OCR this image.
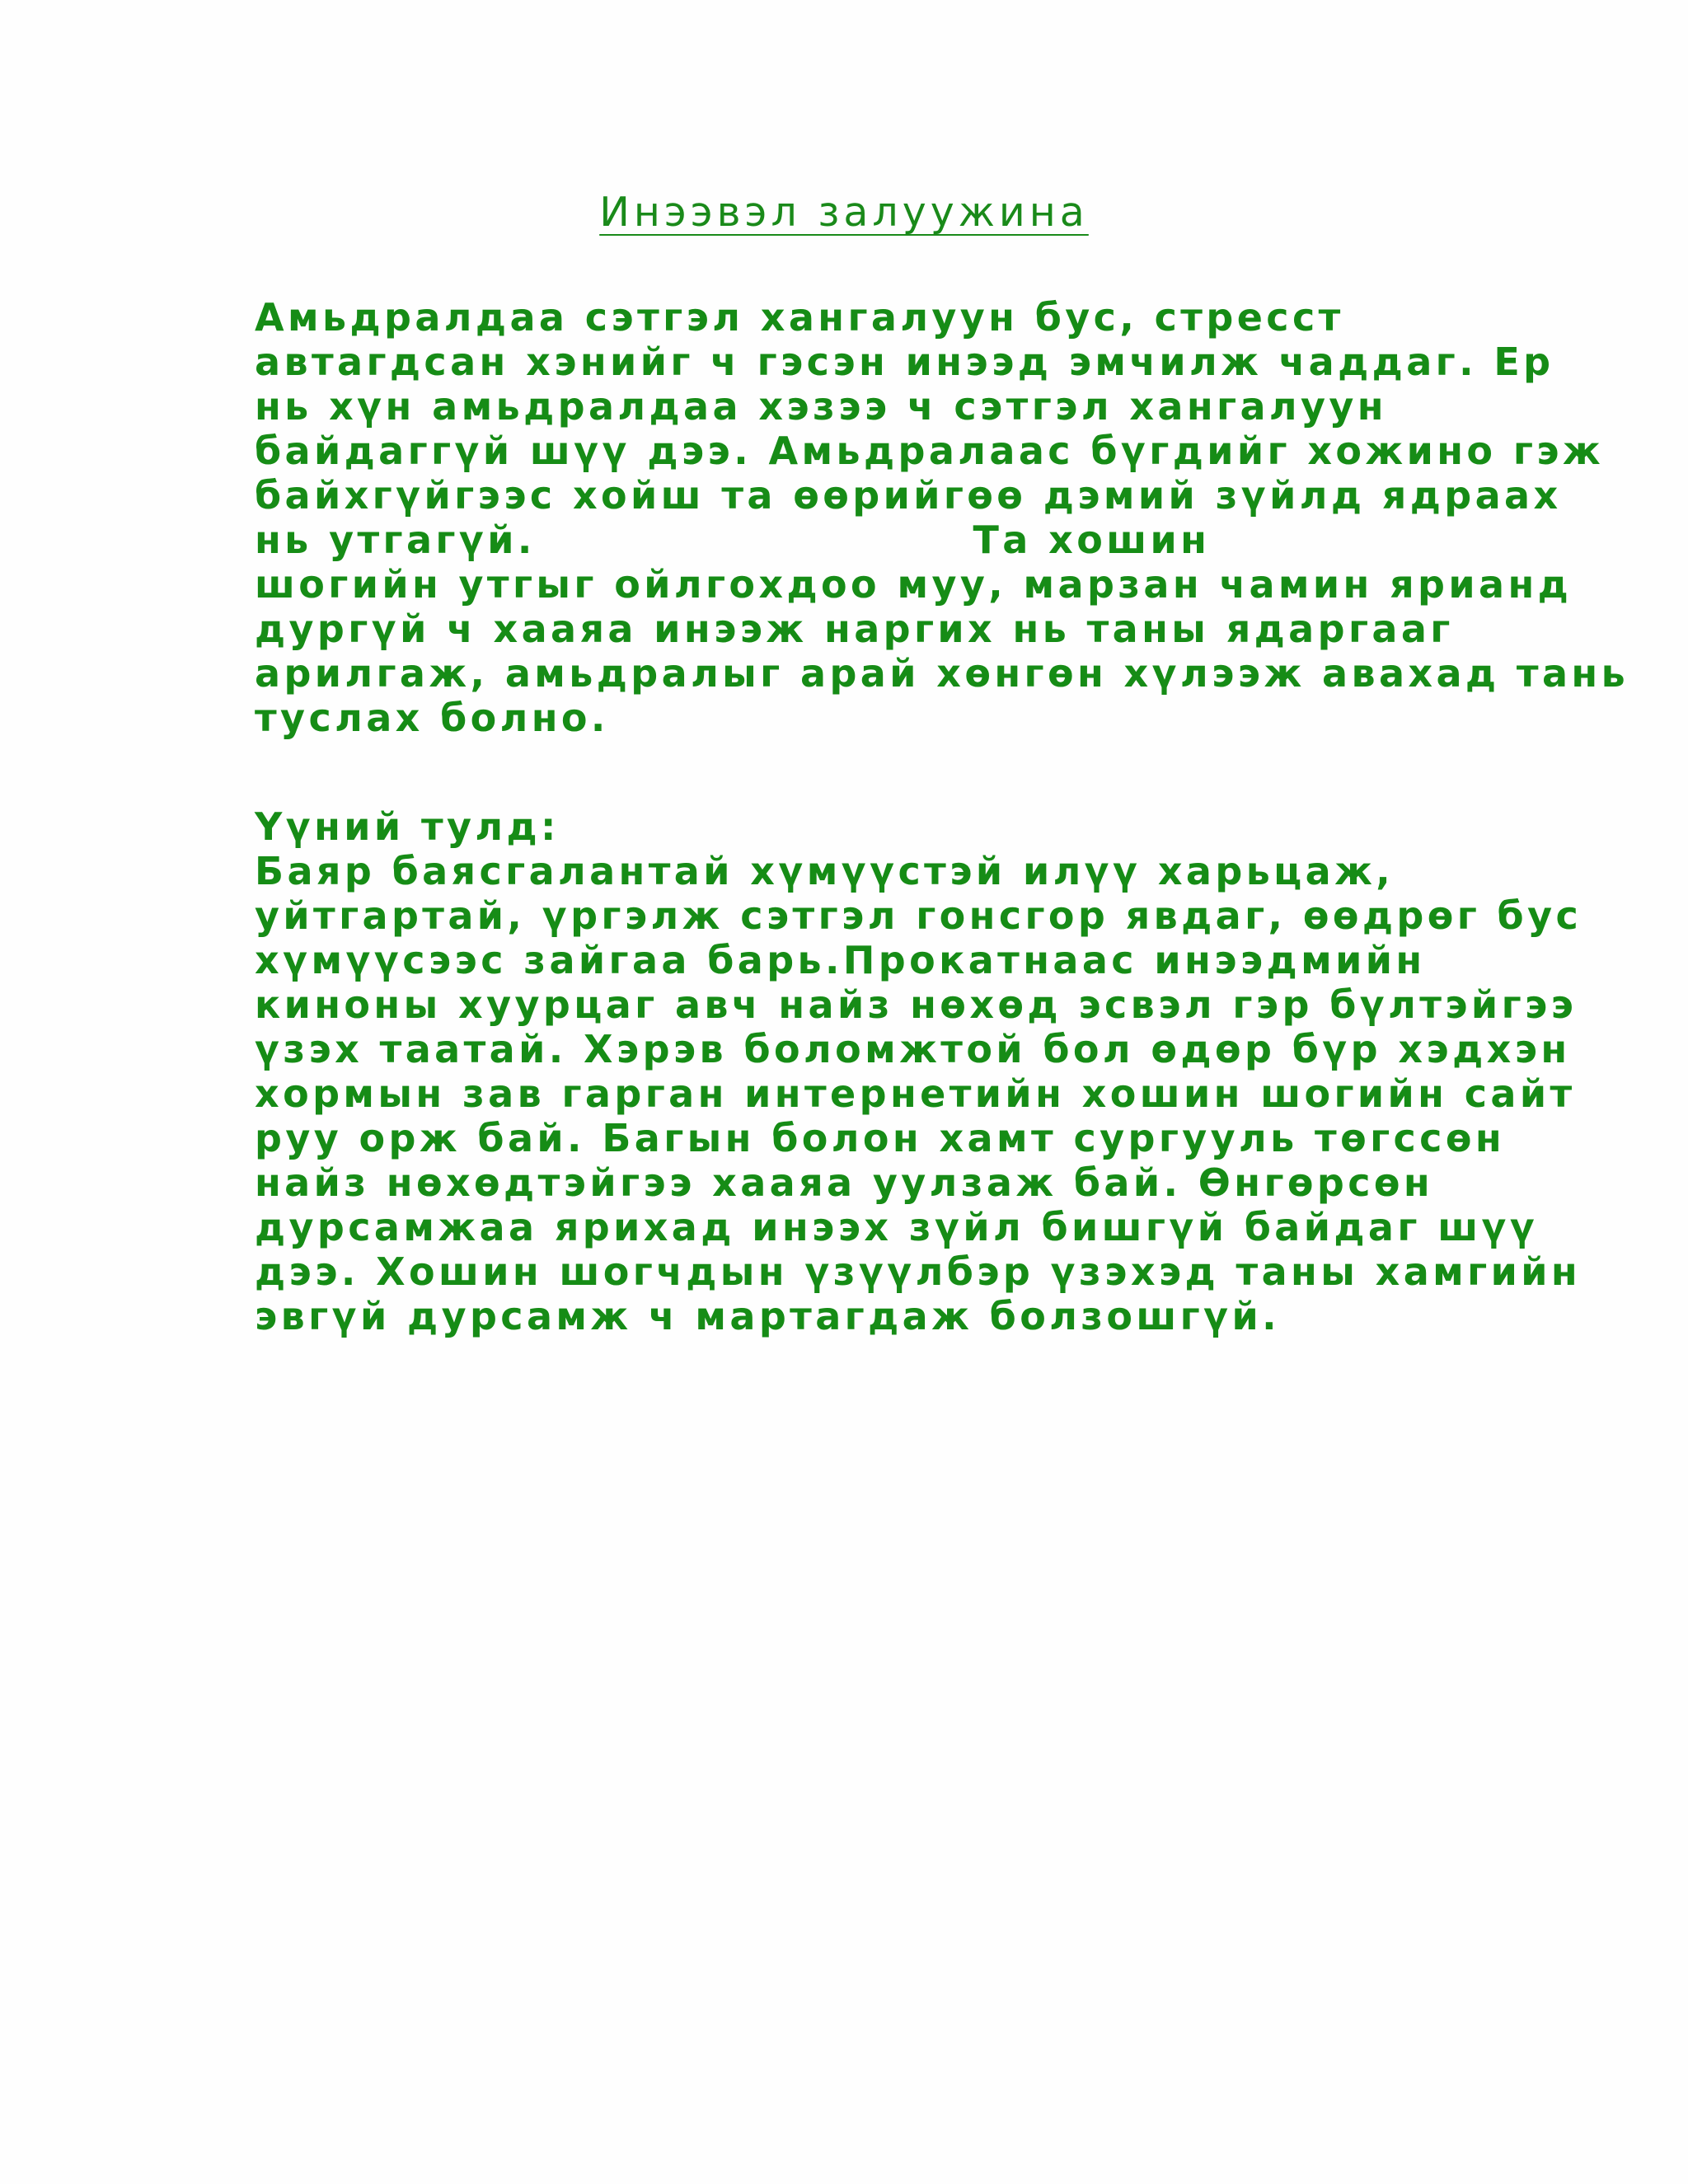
Инээвэл залуужина
Амьдралдаа сэтгэл хангалуун бус, стресст
автагдсан хэнийг ч гэсэн инээд эмчилж чаддаг. Ер
нь хүн амьдралдаа хэзээ ч сэтгэл хангалуун
байдаггүй шүү дээ. Амьдралаас бүгдийг хожино гэж
байхгүйгээс хойш та өөрийгөө дэмий зүйлд ядраах
нь утгагүй.                          Та хошин
шогийн утгыг ойлгохдоо муу, марзан чамин ярианд
дургүй ч хааяа инээж наргих нь таны ядаргааг
арилгаж, амьдралыг арай хөнгөн хүлээж авахад тань
туслах болно.
Үүний тулд:
Баяр баясгалантай хүмүүстэй илүү харьцаж,
уйтгартай, үргэлж сэтгэл гонсгор явдаг, өөдрөг бус
хүмүүсээс зайгаа барь.Прокатнаас инээдмийн
киноны хуурцаг авч найз нөхөд эсвэл гэр бүлтэйгээ
үзэх таатай. Хэрэв боломжтой бол өдөр бүр хэдхэн
хормын зав гарган интернетийн хошин шогийн сайт
руу орж бай. Багын болон хамт сургууль төгссөн
найз нөхөдтэйгээ хааяа уулзаж бай. Өнгөрсөн
дурсамжаа ярихад инээх зүйл бишгүй байдаг шүү
дээ. Хошин шогчдын үзүүлбэр үзэхэд таны хамгийн
эвгүй дурсамж ч мартагдаж болзошгүй.
